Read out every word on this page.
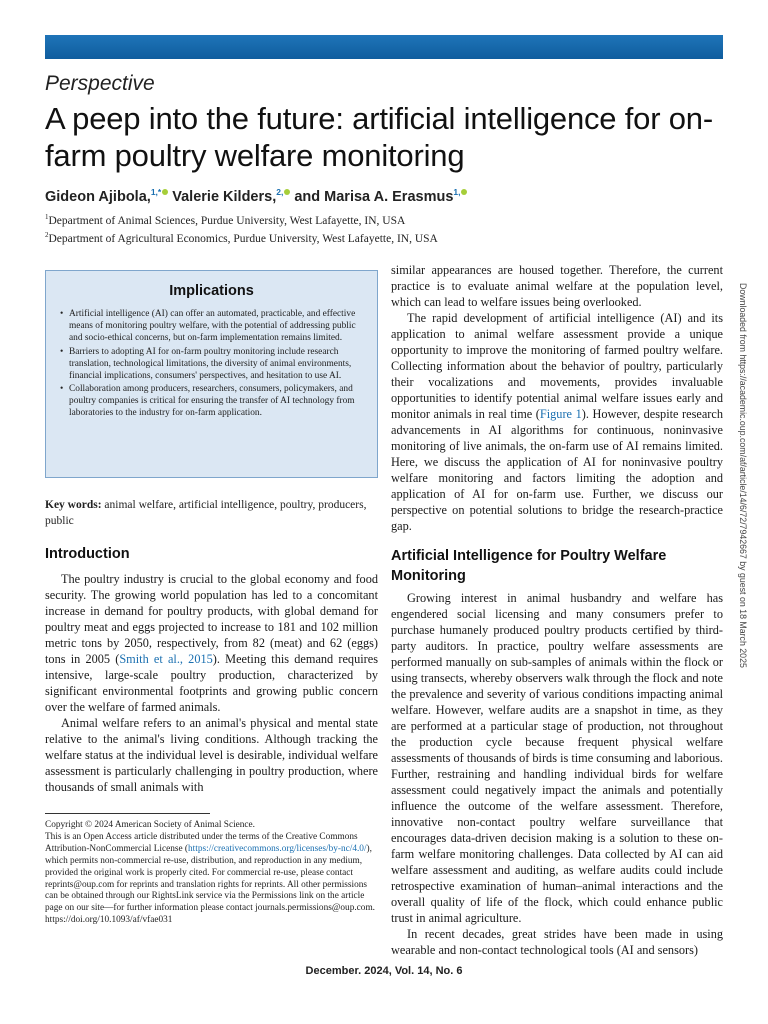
Perspective
A peep into the future: artificial intelligence for on-farm poultry welfare monitoring
Gideon Ajibola,$^{1,*}$ Valerie Kilders,$^{2,}$ and Marisa A. Erasmus$^{1,}$
$^1$Department of Animal Sciences, Purdue University, West Lafayette, IN, USA
$^2$Department of Agricultural Economics, Purdue University, West Lafayette, IN, USA
Implications
• Artificial intelligence (AI) can offer an automated, practicable, and effective means of monitoring poultry welfare, with the potential of addressing public and socio-ethical concerns, but on-farm implementation remains limited.
• Barriers to adopting AI for on-farm poultry monitoring include research translation, technological limitations, the diversity of animal environments, financial implications, consumers' perspectives, and hesitation to use AI.
• Collaboration among producers, researchers, consumers, policymakers, and poultry companies is critical for ensuring the transfer of AI technology from laboratories to the industry for on-farm application.
Key words: animal welfare, artificial intelligence, poultry, producers, public
Introduction

The poultry industry is crucial to the global economy and food security. The growing world population has led to a concomitant increase in demand for poultry products, with global demand for poultry meat and eggs projected to increase to 181 and 102 million metric tons by 2050, respectively, from 82 (meat) and 62 (eggs) tons in 2005 (Smith et al., 2015). Meeting this demand requires intensive, large-scale poultry production, characterized by significant environmental footprints and growing public concern over the welfare of farmed animals.

Animal welfare refers to an animal's physical and mental state relative to the animal's living conditions. Although tracking the welfare status at the individual level is desirable, individual welfare assessment is particularly challenging in poultry production, where thousands of small animals with

Copyright © 2024 American Society of Animal Science.
This is an Open Access article distributed under the terms of the Creative Commons Attribution-NonCommercial License (https://creativecommons.org/licenses/by-nc/4.0/), which permits non-commercial re-use, distribution, and reproduction in any medium, provided the original work is properly cited. For commercial re-use, please contact reprints@oup.com for reprints and translation rights for reprints. All other permissions can be obtained through our RightsLink service via the Permissions link on the article page on our site—for further information please contact journals.permissions@oup.com.
https://doi.org/10.1093/af/vfae031

similar appearances are housed together. Therefore, the current practice is to evaluate animal welfare at the population level, which can lead to welfare issues being overlooked.

The rapid development of artificial intelligence (AI) and its application to animal welfare assessment provide a unique opportunity to improve the monitoring of farmed poultry welfare. Collecting information about the behavior of poultry, particularly their vocalizations and movements, provides invaluable opportunities to identify potential animal welfare issues early and monitor animals in real time (Figure 1). However, despite research advancements in AI algorithms for continuous, noninvasive monitoring of live animals, the on-farm use of AI remains limited. Here, we discuss the application of AI for noninvasive poultry welfare monitoring and factors limiting the adoption and application of AI for on-farm use. Further, we discuss our perspective on potential solutions to bridge the research-practice gap.

Artificial Intelligence for Poultry Welfare Monitoring

Growing interest in animal husbandry and welfare has engendered social licensing and many consumers prefer to purchase humanely produced poultry products certified by third-party auditors. In practice, poultry welfare assessments are performed manually on sub-samples of animals within the flock or using transects, whereby observers walk through the flock and note the prevalence and severity of various conditions impacting animal welfare. However, welfare audits are a snapshot in time, as they are performed at a particular stage of production, not throughout the production cycle because frequent physical welfare assessments of thousands of birds is time consuming and laborious. Further, restraining and handling individual birds for welfare assessment could negatively impact the animals and potentially influence the outcome of the welfare assessment. Therefore, innovative non-contact poultry welfare surveillance that encourages data-driven decision making is a solution to these on-farm welfare monitoring challenges. Data collected by AI can aid welfare assessment and auditing, as welfare audits could include retrospective examination of human–animal interactions and the overall quality of life of the flock, which could enhance public trust in animal agriculture.

In recent decades, great strides have been made in using wearable and non-contact technological tools (AI and sensors)

December. 2024, Vol. 14, No. 6
Downloaded from https://academic.oup.com/af/article/14/6/72/7942667 by guest on 18 March 2025
